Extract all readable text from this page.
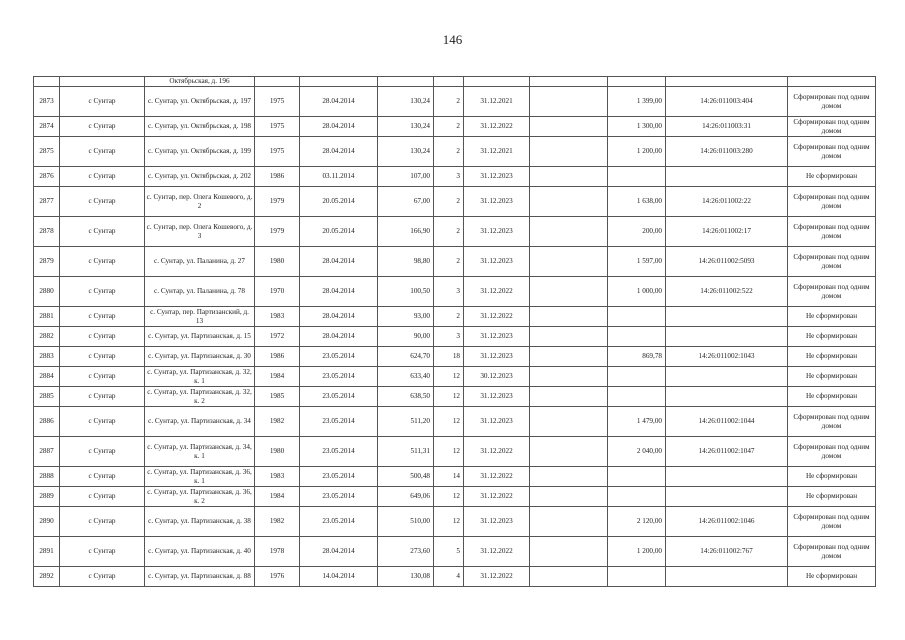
146
		Октябрьская, д. 196									
2873	с Сунтар	с. Сунтар, ул. Октябрьская, д. 197	1975	28.04.2014	130,24	2	31.12.2021		1 399,00	14:26:011003:404	Сформирован под одним домом
2874	с Сунтар	с. Сунтар, ул. Октябрьская, д. 198	1975	28.04.2014	130,24	2	31.12.2022		1 300,00	14:26:011003:31	Сформирован под одним домом
2875	с Сунтар	с. Сунтар, ул. Октябрьская, д. 199	1975	28.04.2014	130,24	2	31.12.2021		1 200,00	14:26:011003:280	Сформирован под одним домом
2876	с Сунтар	с. Сунтар, ул. Октябрьская, д. 202	1986	03.11.2014	107,00	3	31.12.2023				Не сформирован
2877	с Сунтар	с. Сунтар, пер. Олега Кошевого, д. 2	1979	20.05.2014	67,00	2	31.12.2023		1 638,00	14:26:011002:22	Сформирован под одним домом
2878	с Сунтар	с. Сунтар, пер. Олега Кошевого, д. 3	1979	20.05.2014	166,90	2	31.12.2023		200,00	14:26:011002:17	Сформирован под одним домом
2879	с Сунтар	с. Сунтар, ул. Паланина, д. 27	1980	28.04.2014	98,80	2	31.12.2023		1 597,00	14:26:011002:5093	Сформирован под одним домом
2880	с Сунтар	с. Сунтар, ул. Паланина, д. 78	1970	28.04.2014	100,50	3	31.12.2022		1 000,00	14:26:011002:522	Сформирован под одним домом
2881	с Сунтар	с. Сунтар, пер. Партизанский, д. 13	1983	28.04.2014	93,00	2	31.12.2022				Не сформирован
2882	с Сунтар	с. Сунтар, ул. Партизанская, д. 15	1972	28.04.2014	90,00	3	31.12.2023				Не сформирован
2883	с Сунтар	с. Сунтар, ул. Партизанская, д. 30	1986	23.05.2014	624,70	18	31.12.2023		869,78	14:26:011002:1043	Не сформирован
2884	с Сунтар	с. Сунтар, ул. Партизанская, д. 32, к. 1	1984	23.05.2014	633,40	12	30.12.2023				Не сформирован
2885	с Сунтар	с. Сунтар, ул. Партизанская, д. 32, к. 2	1985	23.05.2014	638,50	12	31.12.2023				Не сформирован
2886	с Сунтар	с. Сунтар, ул. Партизанская, д. 34	1982	23.05.2014	511,20	12	31.12.2023		1 479,00	14:26:011002:1044	Сформирован под одним домом
2887	с Сунтар	с. Сунтар, ул. Партизанская, д. 34, к. 1	1980	23.05.2014	511,31	12	31.12.2022		2 040,00	14:26:011002:1047	Сформирован под одним домом
2888	с Сунтар	с. Сунтар, ул. Партизанская, д. 36, к. 1	1983	23.05.2014	500,48	14	31.12.2022				Не сформирован
2889	с Сунтар	с. Сунтар, ул. Партизанская, д. 36, к. 2	1984	23.05.2014	649,06	12	31.12.2022				Не сформирован
2890	с Сунтар	с. Сунтар, ул. Партизанская, д. 38	1982	23.05.2014	510,00	12	31.12.2023		2 120,00	14:26:011002:1046	Сформирован под одним домом
2891	с Сунтар	с. Сунтар, ул. Партизанская, д. 40	1978	28.04.2014	273,60	5	31.12.2022		1 200,00	14:26:011002:767	Сформирован под одним домом
2892	с Сунтар	с. Сунтар, ул. Партизанская, д. 88	1976	14.04.2014	130,08	4	31.12.2022				Не сформирован
